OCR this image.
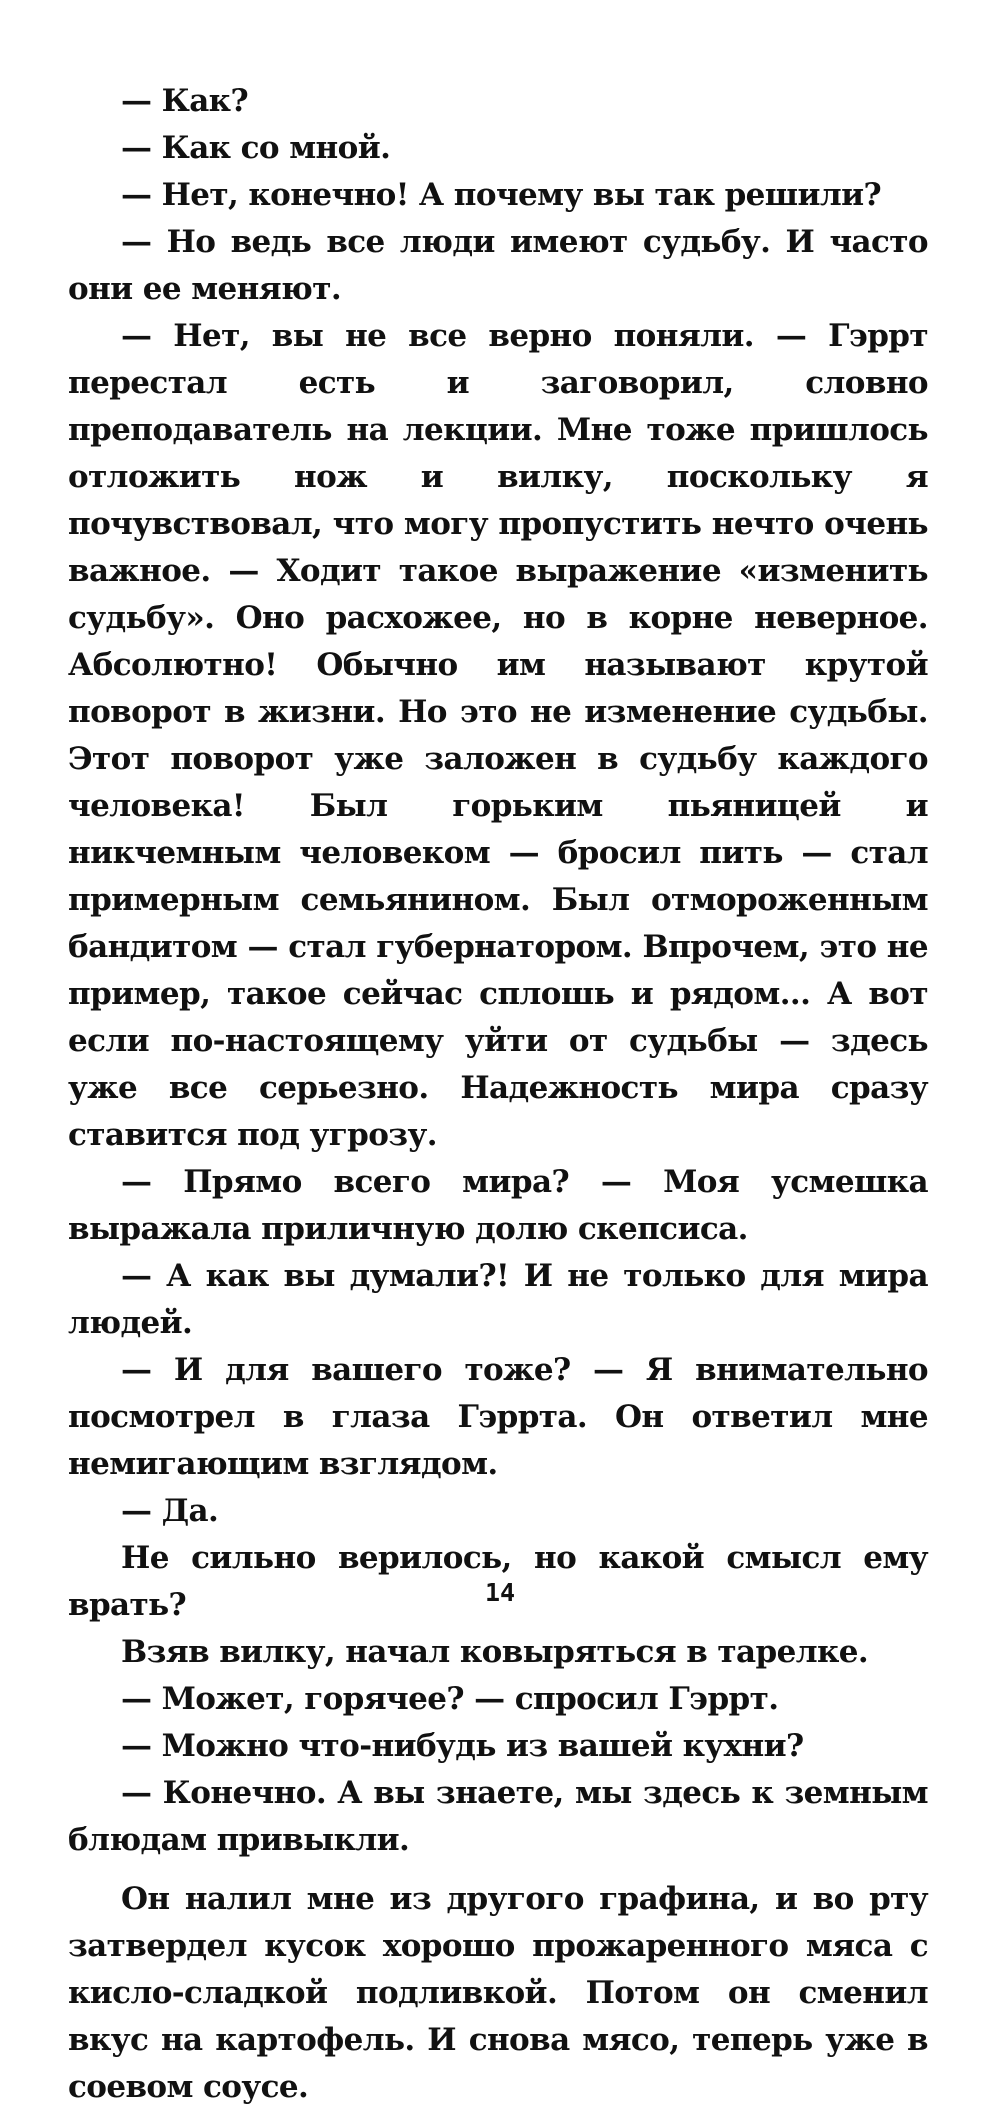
— Как?

— Как со мной.

— Нет, конечно! А почему вы так решили?

— Но ведь все люди имеют судьбу. И часто они ее меняют.

— Нет, вы не все верно поняли. — Гэррт перестал есть и заговорил, словно преподаватель на лекции. Мне тоже пришлось отложить нож и вилку, поскольку я почувствовал, что могу пропустить нечто очень важное. — Ходит такое выражение «изменить судьбу». Оно расхожее, но в корне неверное. Абсолютно! Обычно им называют крутой поворот в жизни. Но это не изменение судьбы. Этот поворот уже заложен в судьбу каждого человека! Был горьким пьяницей и никчемным человеком — бросил пить — стал примерным семьянином. Был отмороженным бандитом — стал губернатором. Впрочем, это не пример, такое сейчас сплошь и рядом... А вот если по-настоящему уйти от судьбы — здесь уже все серьезно. Надежность мира сразу ставится под угрозу.

— Прямо всего мира? — Моя усмешка выражала приличную долю скепсиса.

— А как вы думали?! И не только для мира людей.

— И для вашего тоже? — Я внимательно посмотрел в глаза Гэррта. Он ответил мне немигающим взглядом.

— Да.

Не сильно верилось, но какой смысл ему врать?

Взяв вилку, начал ковыряться в тарелке.

— Может, горячее? — спросил Гэррт.

— Можно что-нибудь из вашей кухни?

— Конечно. А вы знаете, мы здесь к земным блюдам привыкли.

Он налил мне из другого графина, и во рту затвердел кусок хорошо прожаренного мяса с кисло-сладкой подливкой. Потом он сменил вкус на картофель. И снова мясо, теперь уже в соевом соусе.

14
